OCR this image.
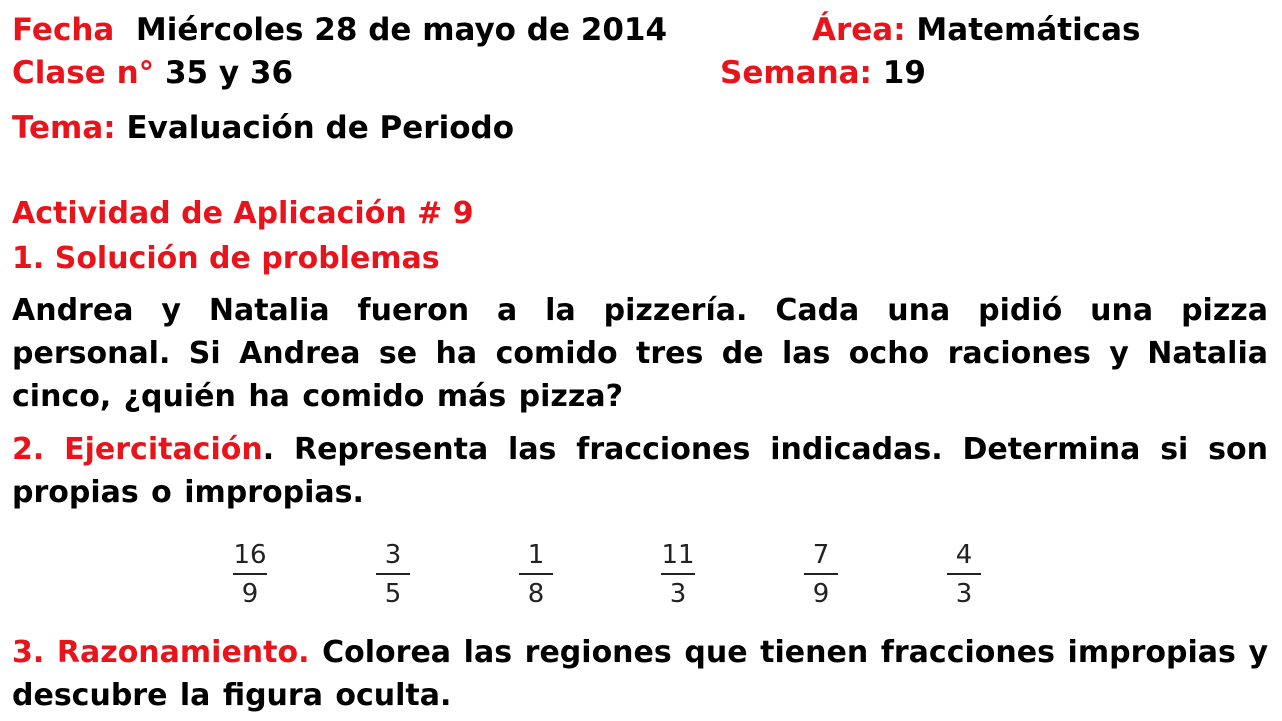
Fecha Miércoles 28 de mayo de 2014	Área: Matemáticas
Clase n° 35 y 36	Semana: 19
Tema: Evaluación de Periodo
Actividad de Aplicación # 9
1. Solución de problemas
Andrea y Natalia fueron a la pizzería. Cada una pidió una pizza personal. Si Andrea se ha comido tres de las ocho raciones y Natalia cinco, ¿quién ha comido más pizza?
2. Ejercitación. Representa las fracciones indicadas. Determina si son propias o impropias.
16
9
3
5
1
8
11
3
7
9
4
3
3. Razonamiento. Colorea las regiones que tienen fracciones impropias y descubre la figura oculta.
